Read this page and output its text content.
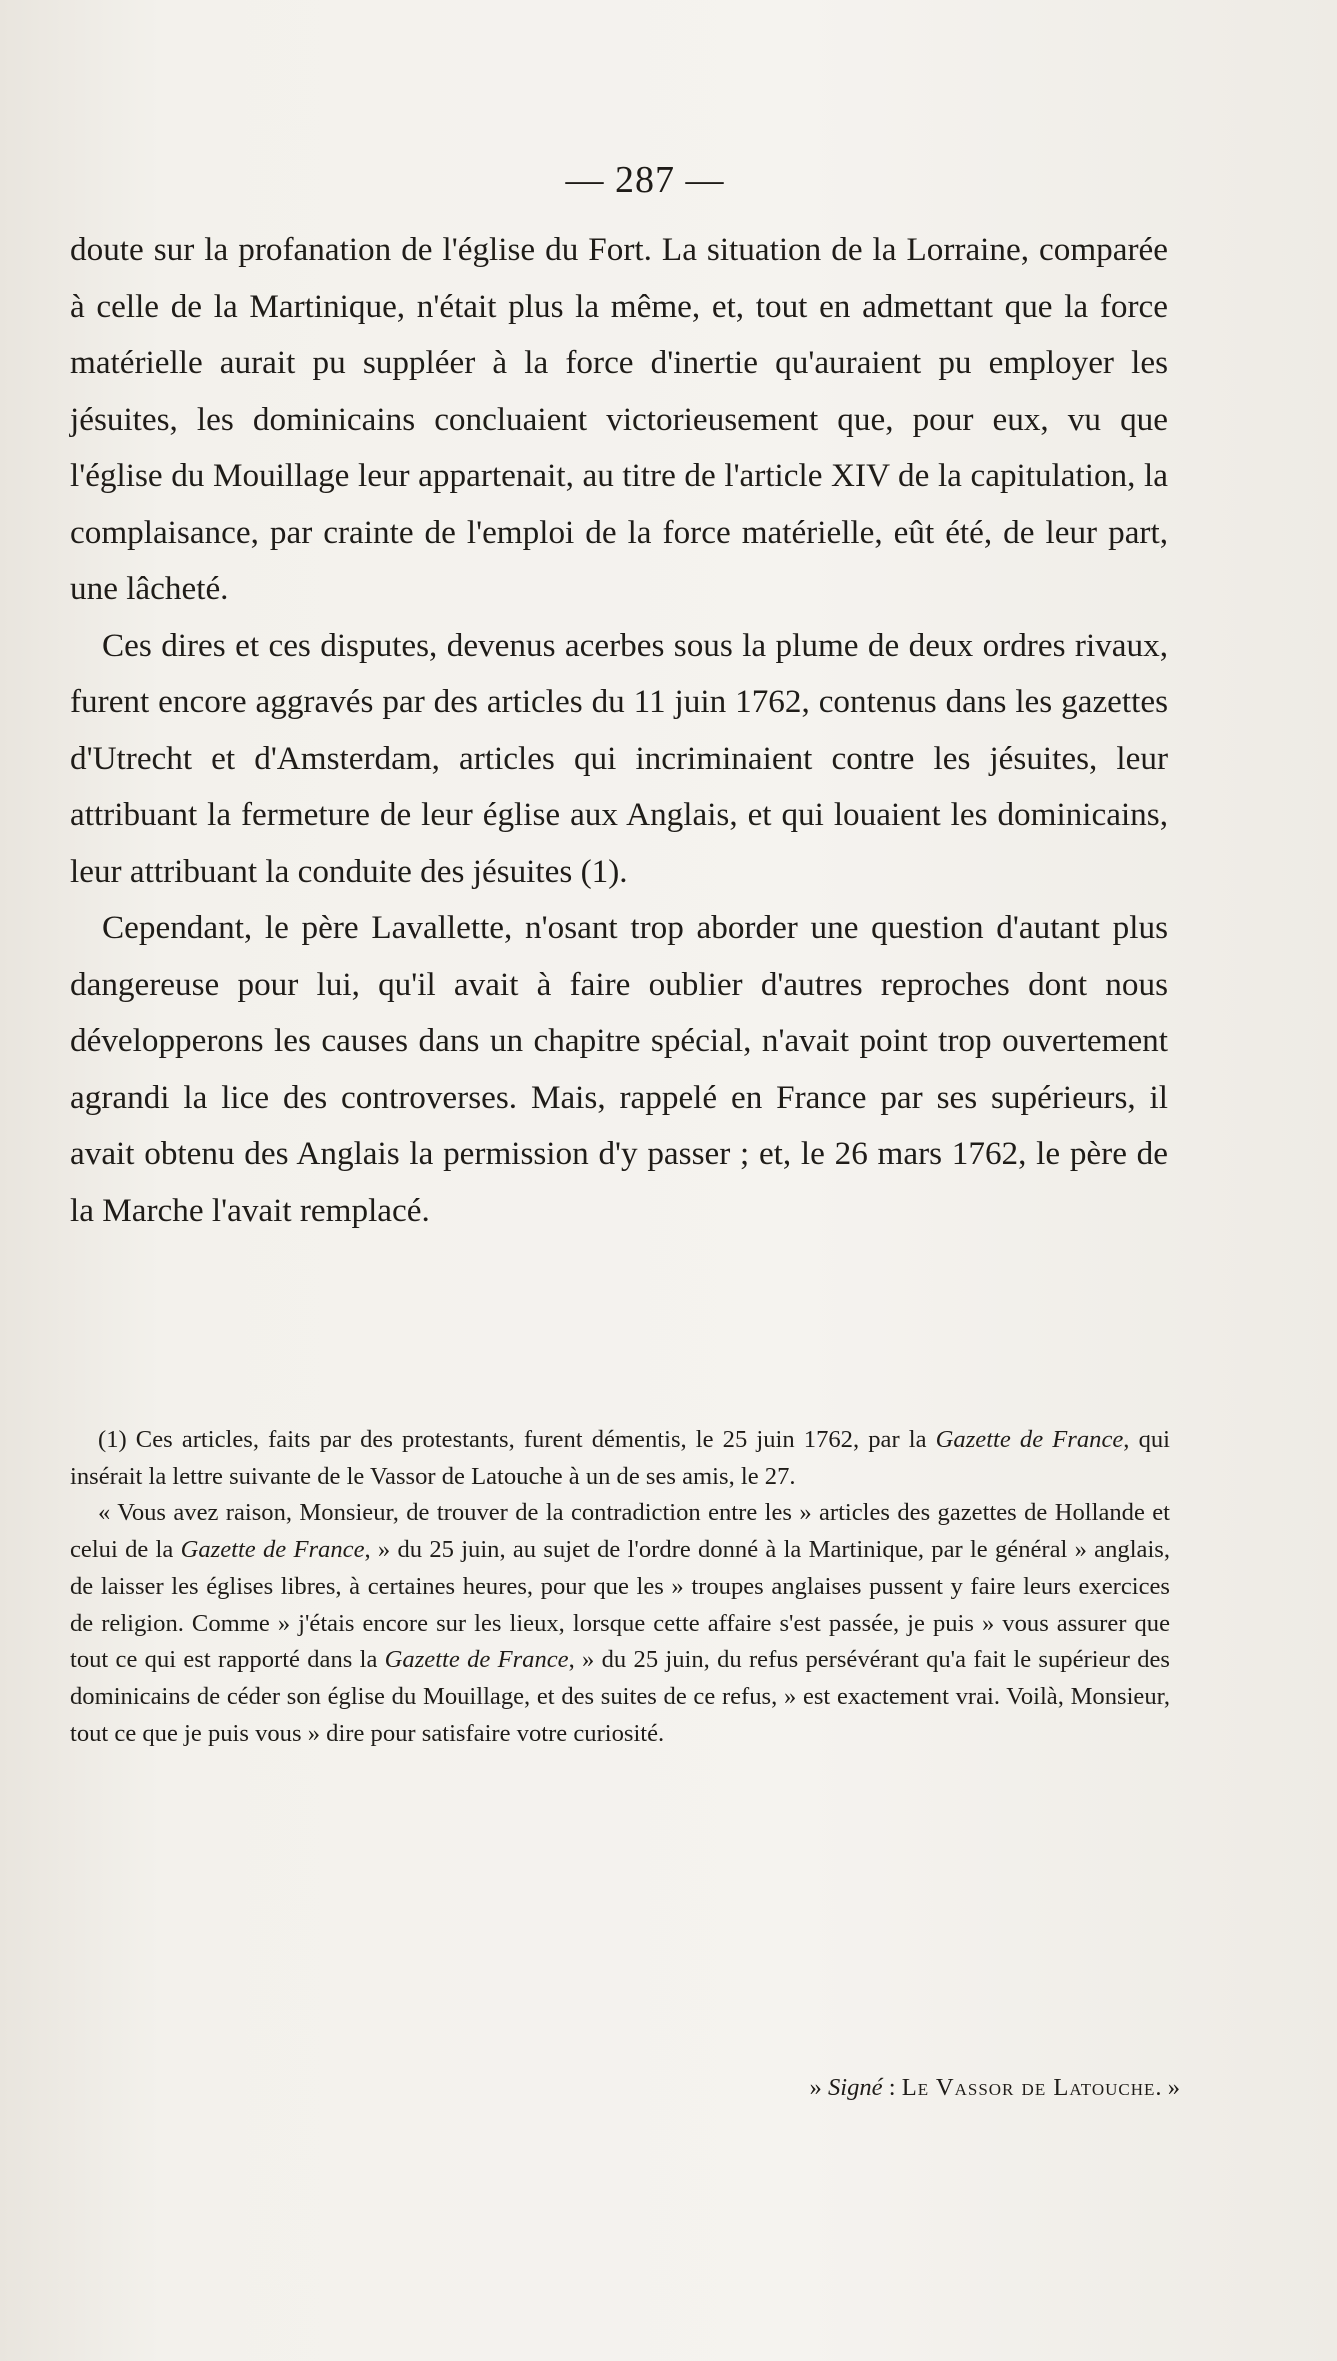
— 287 —

doute sur la profanation de l'église du Fort. La situation de la Lorraine, comparée à celle de la Martinique, n'était plus la même, et, tout en admettant que la force matérielle aurait pu suppléer à la force d'inertie qu'auraient pu employer les jésuites, les dominicains concluaient victorieusement que, pour eux, vu que l'église du Mouillage leur appartenait, au titre de l'article XIV de la capitulation, la complaisance, par crainte de l'emploi de la force matérielle, eût été, de leur part, une lâcheté.

Ces dires et ces disputes, devenus acerbes sous la plume de deux ordres rivaux, furent encore aggravés par des articles du 11 juin 1762, contenus dans les gazettes d'Utrecht et d'Amsterdam, articles qui incriminaient contre les jésuites, leur attribuant la fermeture de leur église aux Anglais, et qui louaient les dominicains, leur attribuant la conduite des jésuites (1).

Cependant, le père Lavallette, n'osant trop aborder une question d'autant plus dangereuse pour lui, qu'il avait à faire oublier d'autres reproches dont nous développerons les causes dans un chapitre spécial, n'avait point trop ouvertement agrandi la lice des controverses. Mais, rappelé en France par ses supérieurs, il avait obtenu des Anglais la permission d'y passer ; et, le 26 mars 1762, le père de la Marche l'avait remplacé.

(1) Ces articles, faits par des protestants, furent démentis, le 25 juin 1762, par la Gazette de France, qui insérait la lettre suivante de le Vassor de Latouche à un de ses amis, le 27.

« Vous avez raison, Monsieur, de trouver de la contradiction entre les » articles des gazettes de Hollande et celui de la Gazette de France, » du 25 juin, au sujet de l'ordre donné à la Martinique, par le général » anglais, de laisser les églises libres, à certaines heures, pour que les » troupes anglaises pussent y faire leurs exercices de religion. Comme » j'étais encore sur les lieux, lorsque cette affaire s'est passée, je puis » vous assurer que tout ce qui est rapporté dans la Gazette de France, » du 25 juin, du refus persévérant qu'a fait le supérieur des dominicains de céder son église du Mouillage, et des suites de ce refus, » est exactement vrai. Voilà, Monsieur, tout ce que je puis vous » dire pour satisfaire votre curiosité.

» Signé : Le Vassor de Latouche. »
